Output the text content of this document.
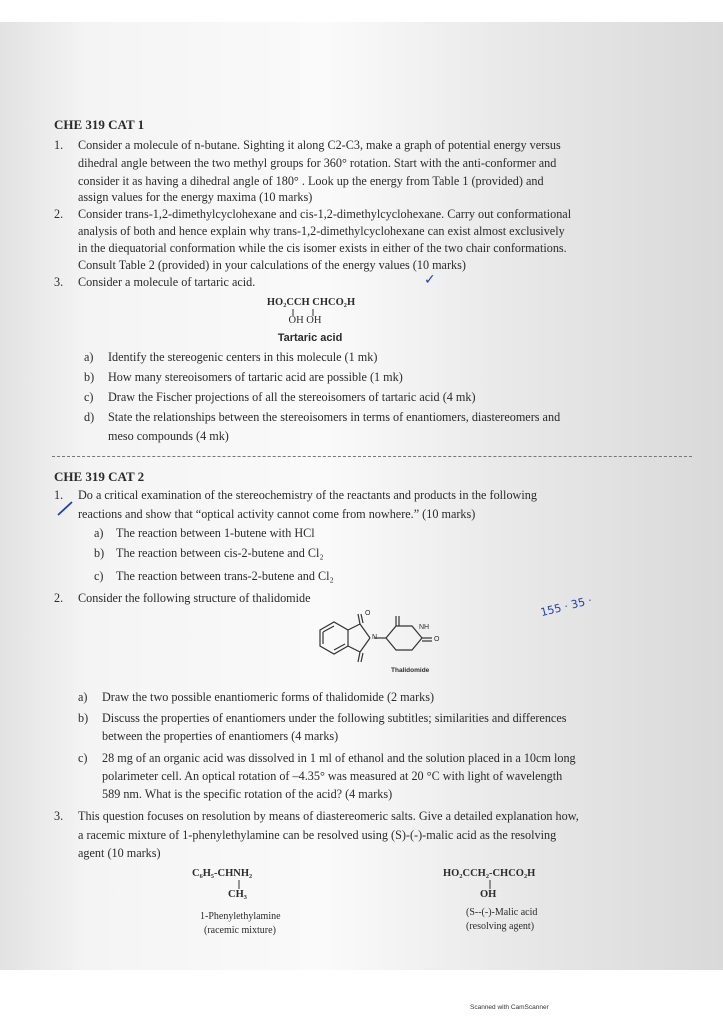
CHE 319 CAT 1
1. Consider a molecule of n-butane. Sighting it along C2-C3, make a graph of potential energy versus
dihedral angle between the two methyl groups for 360° rotation. Start with the anti-conformer and
consider it as having a dihedral angle of 180° . Look up the energy from Table 1 (provided) and
assign values for the energy maxima (10 marks)
2. Consider trans-1,2-dimethylcyclohexane and cis-1,2-dimethylcyclohexane. Carry out conformational
analysis of both and hence explain why trans-1,2-dimethylcyclohexane can exist almost exclusively
in the diequatorial conformation while the cis isomer exists in either of the two chair conformations.
Consult Table 2 (provided) in your calculations of the energy values (10 marks)
3. Consider a molecule of tartaric acid.	✓
HO₂CCH CHCO₂H
OH OH
Tartaric acid
a) Identify the stereogenic centers in this molecule (1 mk)
b) How many stereoisomers of tartaric acid are possible (1 mk)
c) Draw the Fischer projections of all the stereoisomers of tartaric acid (4 mk)
d) State the relationships between the stereoisomers in terms of enantiomers, diastereomers and
meso compounds (4 mk)
CHE 319 CAT 2
1. Do a critical examination of the stereochemistry of the reactants and products in the following
reactions and show that “optical activity cannot come from nowhere.” (10 marks)
a) The reaction between 1-butene with HCl
b) The reaction between cis-2-butene and Cl₂
c) The reaction between trans-2-butene and Cl₂
2. Consider the following structure of thalidomide
O
NH
N	O
Thalidomide
155 · 35 ·
a) Draw the two possible enantiomeric forms of thalidomide (2 marks)
b) Discuss the properties of enantiomers under the following subtitles; similarities and differences
between the properties of enantiomers (4 marks)
c) 28 mg of an organic acid was dissolved in 1 ml of ethanol and the solution placed in a 10cm long
polarimeter cell. An optical rotation of –4.35° was measured at 20 °C with light of wavelength
589 nm. What is the specific rotation of the acid? (4 marks)
3. This question focuses on resolution by means of diastereomeric salts. Give a detailed explanation how,
a racemic mixture of 1-phenylethylamine can be resolved using (S)-(-)-malic acid as the resolving
agent (10 marks)
C₆H₅-CHNH₂
CH₃
1-Phenylethylamine
(racemic mixture)
HO₂CCH₂-CHCO₂H
OH
(S--(-)-Malic acid
(resolving agent)
Scanned with CamScanner
